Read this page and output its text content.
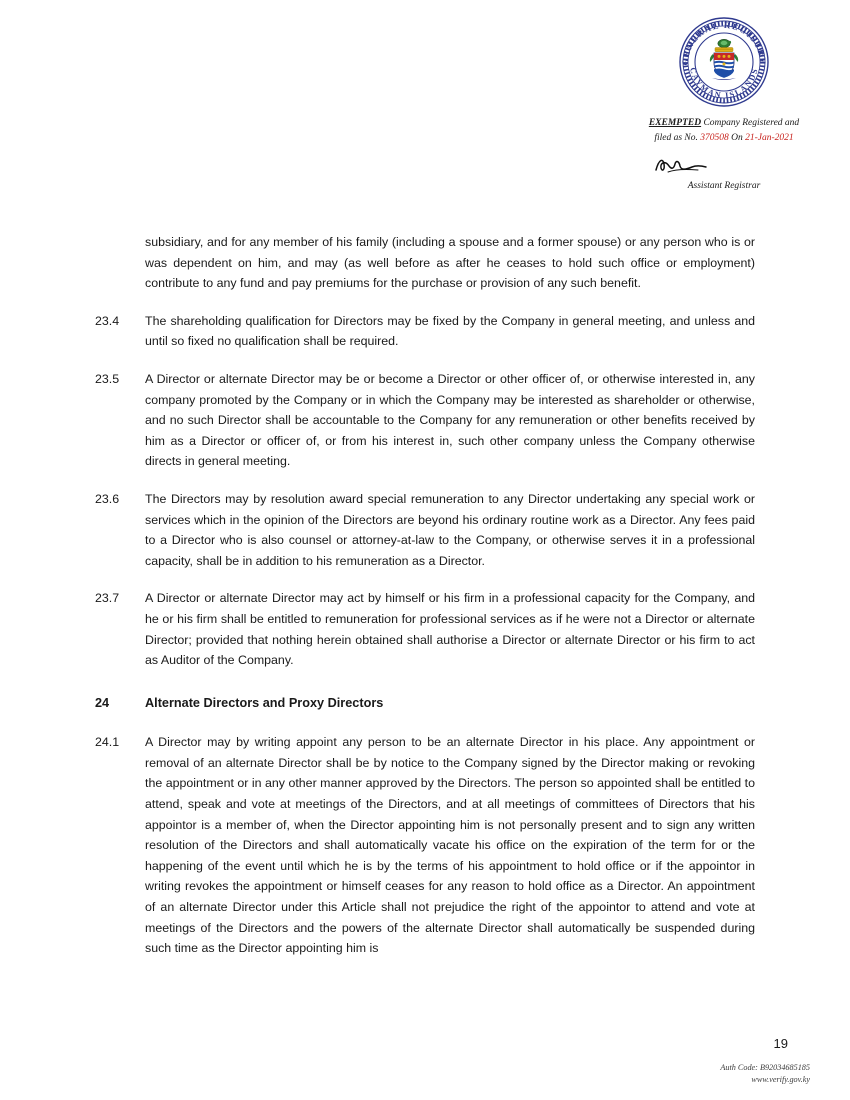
GENERAL REGISTRY
CAYMAN ISLANDS
EXEMPTED Company Registered and
filed as No. 370508 On 21-Jan-2021
Assistant Registrar
subsidiary, and for any member of his family (including a spouse and a former spouse) or any person who is or was dependent on him, and may (as well before as after he ceases to hold such office or employment) contribute to any fund and pay premiums for the purchase or provision of any such benefit.
23.4	The shareholding qualification for Directors may be fixed by the Company in general meeting, and unless and until so fixed no qualification shall be required.
23.5	A Director or alternate Director may be or become a Director or other officer of, or otherwise interested in, any company promoted by the Company or in which the Company may be interested as shareholder or otherwise, and no such Director shall be accountable to the Company for any remuneration or other benefits received by him as a Director or officer of, or from his interest in, such other company unless the Company otherwise directs in general meeting.
23.6	The Directors may by resolution award special remuneration to any Director undertaking any special work or services which in the opinion of the Directors are beyond his ordinary routine work as a Director. Any fees paid to a Director who is also counsel or attorney-at-law to the Company, or otherwise serves it in a professional capacity, shall be in addition to his remuneration as a Director.
23.7	A Director or alternate Director may act by himself or his firm in a professional capacity for the Company, and he or his firm shall be entitled to remuneration for professional services as if he were not a Director or alternate Director; provided that nothing herein obtained shall authorise a Director or alternate Director or his firm to act as Auditor of the Company.
24	Alternate Directors and Proxy Directors
24.1	A Director may by writing appoint any person to be an alternate Director in his place. Any appointment or removal of an alternate Director shall be by notice to the Company signed by the Director making or revoking the appointment or in any other manner approved by the Directors. The person so appointed shall be entitled to attend, speak and vote at meetings of the Directors, and at all meetings of committees of Directors that his appointor is a member of, when the Director appointing him is not personally present and to sign any written resolution of the Directors and shall automatically vacate his office on the expiration of the term for or the happening of the event until which he is by the terms of his appointment to hold office or if the appointor in writing revokes the appointment or himself ceases for any reason to hold office as a Director. An appointment of an alternate Director under this Article shall not prejudice the right of the appointor to attend and vote at meetings of the Directors and the powers of the alternate Director shall automatically be suspended during such time as the Director appointing him is
19
Auth Code: B92034685185
www.verify.gov.ky
